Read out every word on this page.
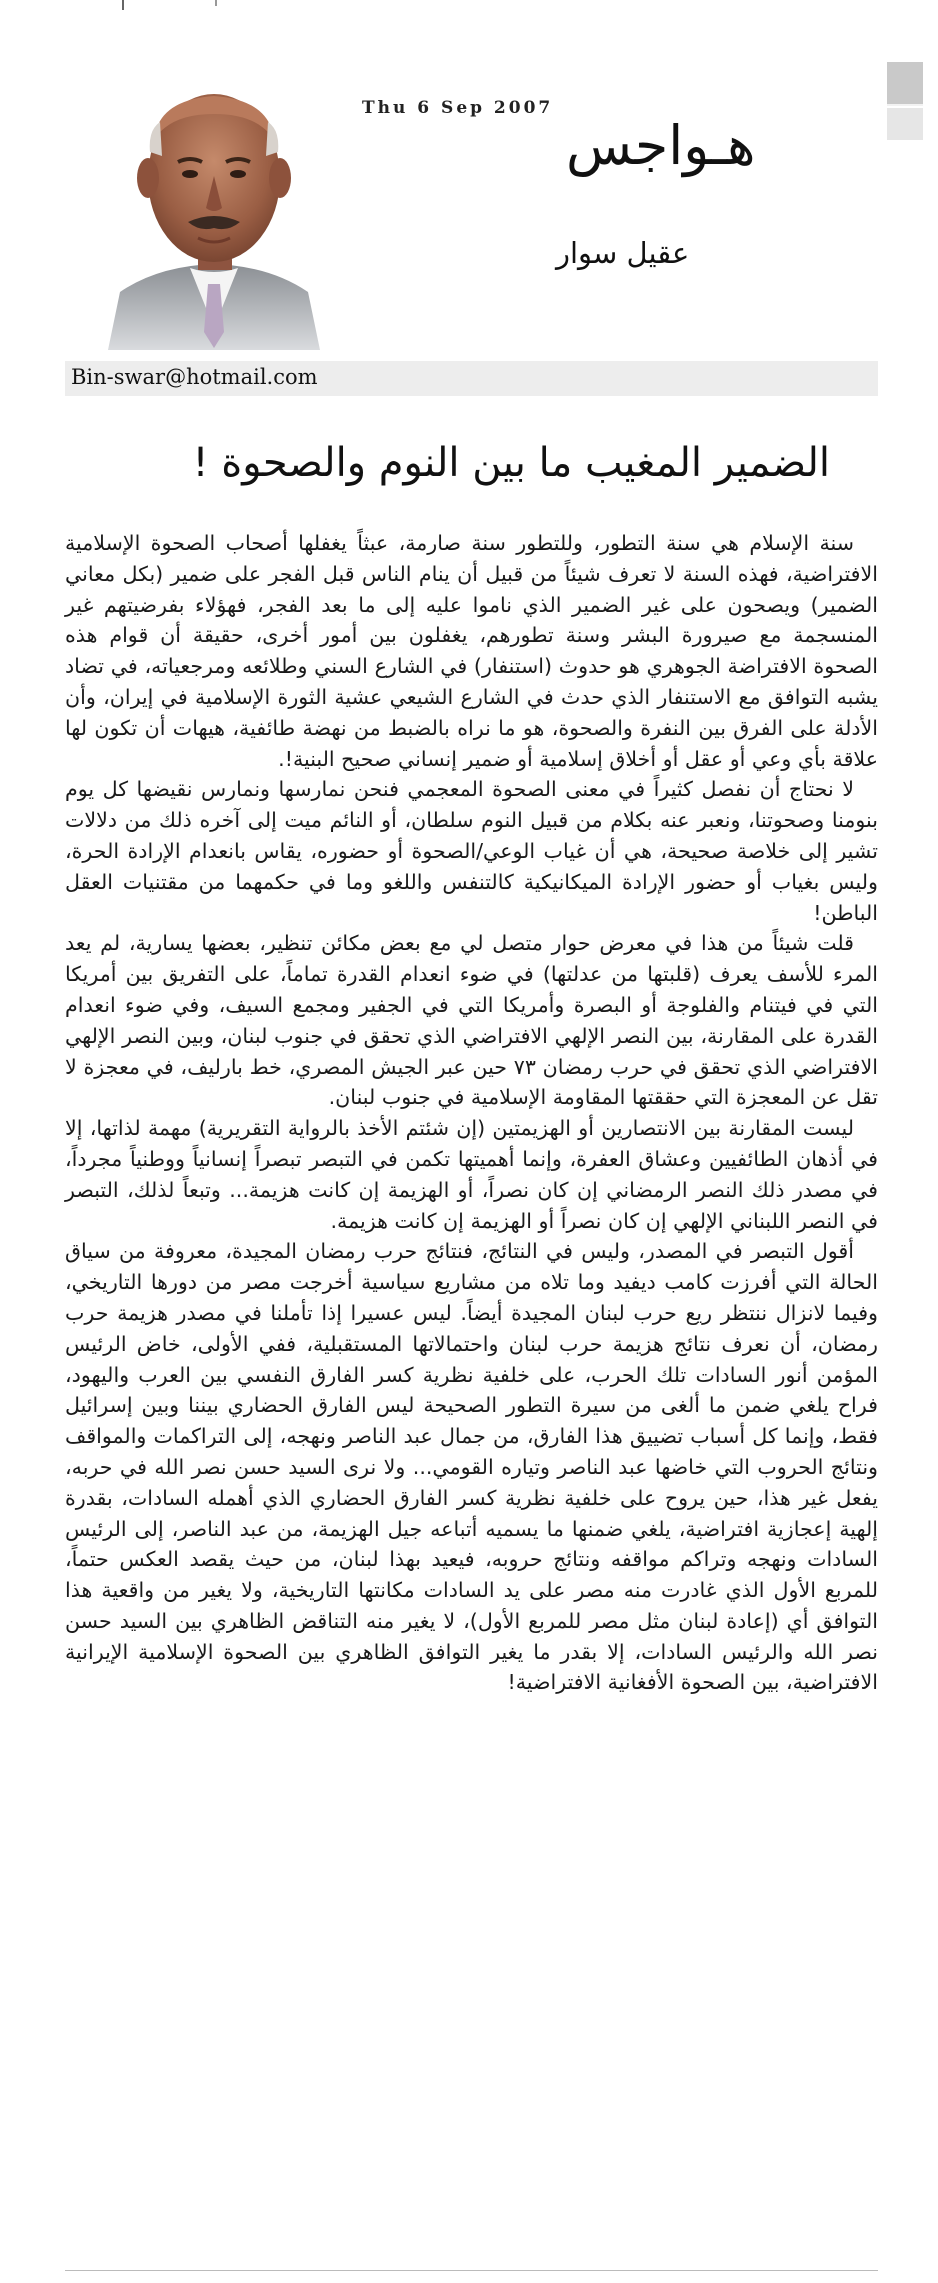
Thu 6 Sep 2007
هـواجس
عقيل سوار
Bin-swar@hotmail.com
الضمير المغيب ما بين النوم والصحوة !

سنة الإسلام هي سنة التطور، وللتطور سنة صارمة، عبثاً يغفلها أصحاب الصحوة الإسلامية الافتراضية، فهذه السنة لا تعرف شيئاً من قبيل أن ينام الناس قبل الفجر على ضمير (بكل معاني الضمير) ويصحون على غير الضمير الذي ناموا عليه إلى ما بعد الفجر، فهؤلاء بفرضيتهم غير المنسجمة مع صيرورة البشر وسنة تطورهم، يغفلون بين أمور أخرى، حقيقة أن قوام هذه الصحوة الافتراضة الجوهري هو حدوث (استنفار) في الشارع السني وطلائعه ومرجعياته، في تضاد يشبه التوافق مع الاستنفار الذي حدث في الشارع الشيعي عشية الثورة الإسلامية في إيران، وأن الأدلة على الفرق بين النفرة والصحوة، هو ما نراه بالضبط من نهضة طائفية، هيهات أن تكون لها علاقة بأي وعي أو عقل أو أخلاق إسلامية أو ضمير إنساني صحيح البنية!.

لا نحتاج أن نفصل كثيراً في معنى الصحوة المعجمي فنحن نمارسها ونمارس نقيضها كل يوم بنومنا وصحوتنا، ونعبر عنه بكلام من قبيل النوم سلطان، أو النائم ميت إلى آخره ذلك من دلالات تشير إلى خلاصة صحيحة، هي أن غياب الوعي/الصحوة أو حضوره، يقاس بانعدام الإرادة الحرة، وليس بغياب أو حضور الإرادة الميكانيكية كالتنفس واللغو وما في حكمهما من مقتنيات العقل الباطن!

قلت شيئاً من هذا في معرض حوار متصل لي مع بعض مكائن تنظير، بعضها يسارية، لم يعد المرء للأسف يعرف (قلبتها من عدلتها) في ضوء انعدام القدرة تماماً، على التفريق بين أمريكا التي في فيتنام والفلوجة أو البصرة وأمريكا التي في الجفير ومجمع السيف، وفي ضوء انعدام القدرة على المقارنة، بين النصر الإلهي الافتراضي الذي تحقق في جنوب لبنان، وبين النصر الإلهي الافتراضي الذي تحقق في حرب رمضان ٧٣ حين عبر الجيش المصري، خط بارليف، في معجزة لا تقل عن المعجزة التي حققتها المقاومة الإسلامية في جنوب لبنان.

ليست المقارنة بين الانتصارين أو الهزيمتين (إن شئتم الأخذ بالرواية التقريرية) مهمة لذاتها، إلا في أذهان الطائفيين وعشاق العفرة، وإنما أهميتها تكمن في التبصر تبصراً إنسانياً ووطنياً مجرداً، في مصدر ذلك النصر الرمضاني إن كان نصراً، أو الهزيمة إن كانت هزيمة... وتبعاً لذلك، التبصر في النصر اللبناني الإلهي إن كان نصراً أو الهزيمة إن كانت هزيمة.

أقول التبصر في المصدر، وليس في النتائج، فنتائج حرب رمضان المجيدة، معروفة من سياق الحالة التي أفرزت كامب ديفيد وما تلاه من مشاريع سياسية أخرجت مصر من دورها التاريخي، وفيما لانزال ننتظر ريع حرب لبنان المجيدة أيضاً. ليس عسيرا إذا تأملنا في مصدر هزيمة حرب رمضان، أن نعرف نتائج هزيمة حرب لبنان واحتمالاتها المستقبلية، ففي الأولى، خاض الرئيس المؤمن أنور السادات تلك الحرب، على خلفية نظرية كسر الفارق النفسي بين العرب واليهود، فراح يلغي ضمن ما ألغى من سيرة التطور الصحيحة ليس الفارق الحضاري بيننا وبين إسرائيل فقط، وإنما كل أسباب تضييق هذا الفارق، من جمال عبد الناصر ونهجه، إلى التراكمات والمواقف ونتائج الحروب التي خاضها عبد الناصر وتياره القومي... ولا نرى السيد حسن نصر الله في حربه، يفعل غير هذا، حين يروح على خلفية نظرية كسر الفارق الحضاري الذي أهمله السادات، بقدرة إلهية إعجازية افتراضية، يلغي ضمنها ما يسميه أتباعه جيل الهزيمة، من عبد الناصر، إلى الرئيس السادات ونهجه وتراكم مواقفه ونتائج حروبه، فيعيد بهذا لبنان، من حيث يقصد العكس حتماً، للمربع الأول الذي غادرت منه مصر على يد السادات مكانتها التاريخية، ولا يغير من واقعية هذا التوافق أي (إعادة لبنان مثل مصر للمربع الأول)، لا يغير منه التناقض الظاهري بين السيد حسن نصر الله والرئيس السادات، إلا بقدر ما يغير التوافق الظاهري بين الصحوة الإسلامية الإيرانية الافتراضية، بين الصحوة الأفغانية الافتراضية!
